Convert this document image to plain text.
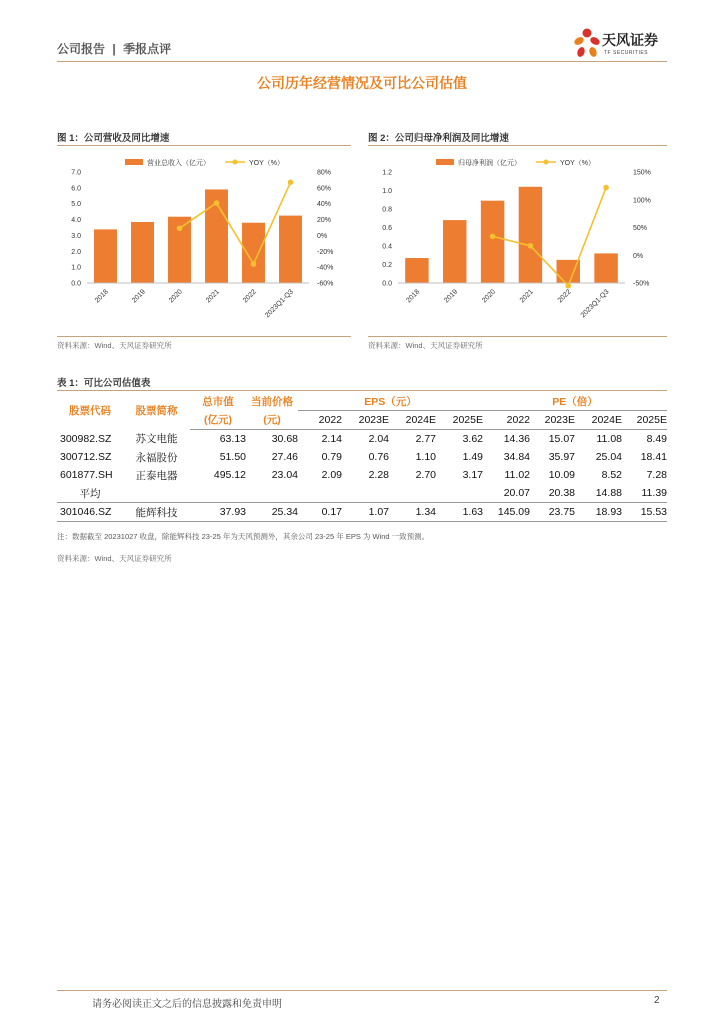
公司报告 | 季报点评
天风证券
TF SECURITIES
公司历年经营情况及可比公司估值
图 1：公司营收及同比增速
营业总收入（亿元）	YOY（%）
7.0
6.0
5.0
4.0
3.0
2.0
1.0
0.0
80%
60%
40%
20%
0%
-20%
-40%
-60%
2018	2019	2020	2021	2022 2023Q1-Q3
资料来源：Wind、天风证券研究所
图 2：公司归母净利润及同比增速
归母净利润（亿元）	YOY（%）
1.2
1.0
0.8
0.6
0.4
0.2
0.0
150%
100%
50%
0%
-50%
2018	2019	2020	2021	2022 2023Q1-Q3
资料来源：Wind、天风证券研究所
表 1：可比公司估值表
股票代码	股票简称	总市值	当前价格	EPS（元）				PE（倍）			
		(亿元)	(元)	2022	2023E	2024E	2025E	2022	2023E	2024E	2025E
300982.SZ	苏文电能	63.13	30.68	2.14	2.04	2.77	3.62	14.36	15.07	11.08	8.49
300712.SZ	永福股份	51.50	27.46	0.79	0.76	1.10	1.49	34.84	35.97	25.04	18.41
601877.SH	正泰电器	495.12	23.04	2.09	2.28	2.70	3.17	11.02	10.09	8.52	7.28
平均								20.07	20.38	14.88	11.39
301046.SZ	能辉科技	37.93	25.34	0.17	1.07	1.34	1.63	145.09	23.75	18.93	15.53
注：数据截至 20231027 收盘，除能辉科技 23-25 年为天风预测外，其余公司 23-25 年 EPS 为 Wind 一致预测。
资料来源：Wind、天风证券研究所
请务必阅读正文之后的信息披露和免责申明	2
